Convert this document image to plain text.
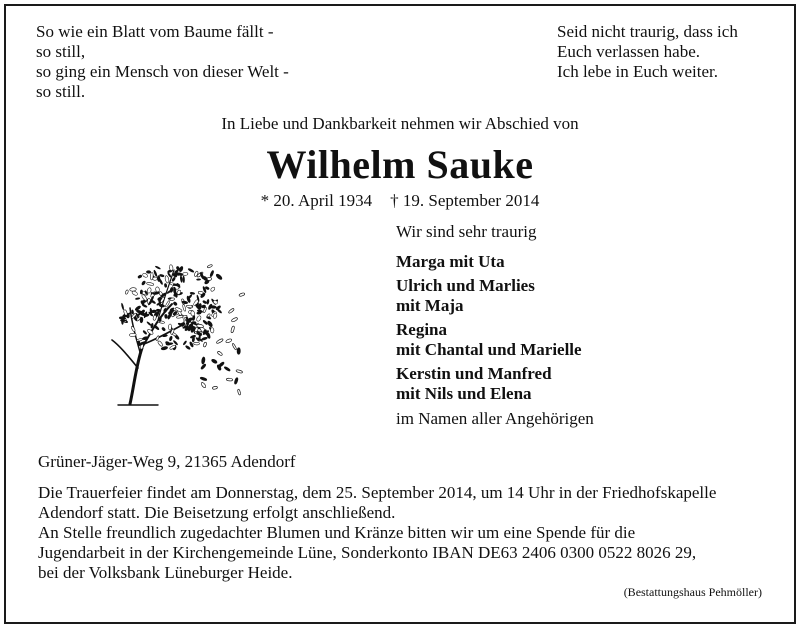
So wie ein Blatt vom Baume fällt -
so still,
so ging ein Mensch von dieser Welt -
so still.
Seid nicht traurig, dass ich
Euch verlassen habe.
Ich lebe in Euch weiter.
In Liebe und Dankbarkeit nehmen wir Abschied von
Wilhelm Sauke
* 20. April 1934 † 19. September 2014
Wir sind sehr traurig
Marga mit Uta
Ulrich und Marlies
mit Maja
Regina
mit Chantal und Marielle
Kerstin und Manfred
mit Nils und Elena
im Namen aller Angehörigen
Grüner-Jäger-Weg 9, 21365 Adendorf
Die Trauerfeier findet am Donnerstag, dem 25. September 2014, um 14 Uhr in der Friedhofskapelle
Adendorf statt. Die Beisetzung erfolgt anschließend.
An Stelle freundlich zugedachter Blumen und Kränze bitten wir um eine Spende für die
Jugendarbeit in der Kirchengemeinde Lüne, Sonderkonto IBAN DE63 2406 0300 0522 8026 29,
bei der Volksbank Lüneburger Heide.
(Bestattungshaus Pehmöller)
